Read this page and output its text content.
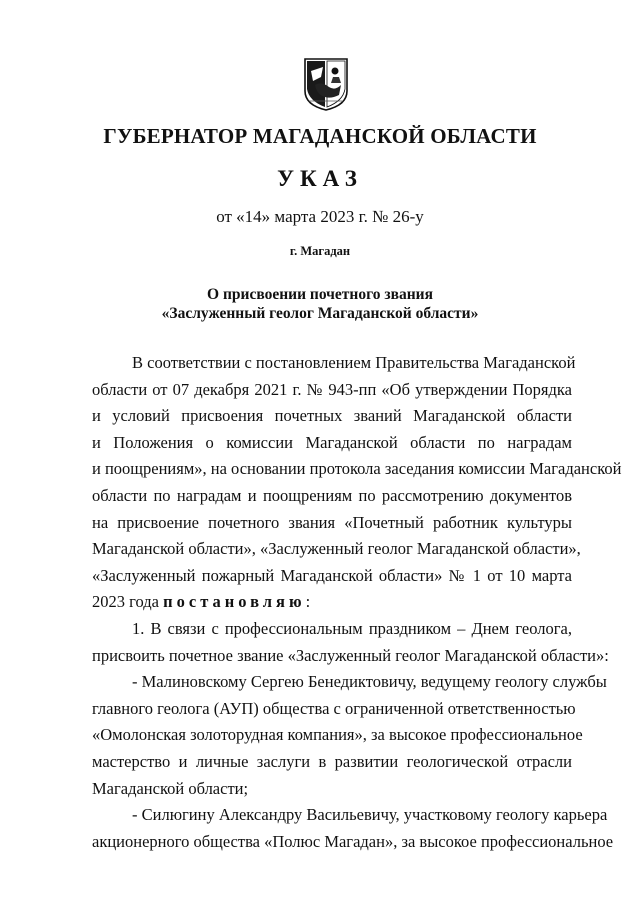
ГУБЕРНАТОР МАГАДАНСКОЙ ОБЛАСТИ
УКАЗ
от «14» марта 2023 г. № 26-у
г. Магадан
О присвоении почетного звания
«Заслуженный геолог Магаданской области»
В соответствии с постановлением Правительства Магаданской
области от 07 декабря 2021 г. № 943-пп «Об утверждении Порядка
и условий присвоения почетных званий Магаданской области
и Положения о комиссии Магаданской области по наградам
и поощрениям», на основании протокола заседания комиссии Магаданской
области по наградам и поощрениям по рассмотрению документов
на присвоение почетного звания «Почетный работник культуры
Магаданской области», «Заслуженный геолог Магаданской области»,
«Заслуженный пожарный Магаданской области» № 1 от 10 марта
2023 года постановляю:
1. В связи с профессиональным праздником – Днем геолога,
присвоить почетное звание «Заслуженный геолог Магаданской области»:
- Малиновскому Сергею Бенедиктовичу, ведущему геологу службы
главного геолога (АУП) общества с ограниченной ответственностью
«Омолонская золоторудная компания», за высокое профессиональное
мастерство и личные заслуги в развитии геологической отрасли
Магаданской области;
- Силюгину Александру Васильевичу, участковому геологу карьера
акционерного общества «Полюс Магадан», за высокое профессиональное
